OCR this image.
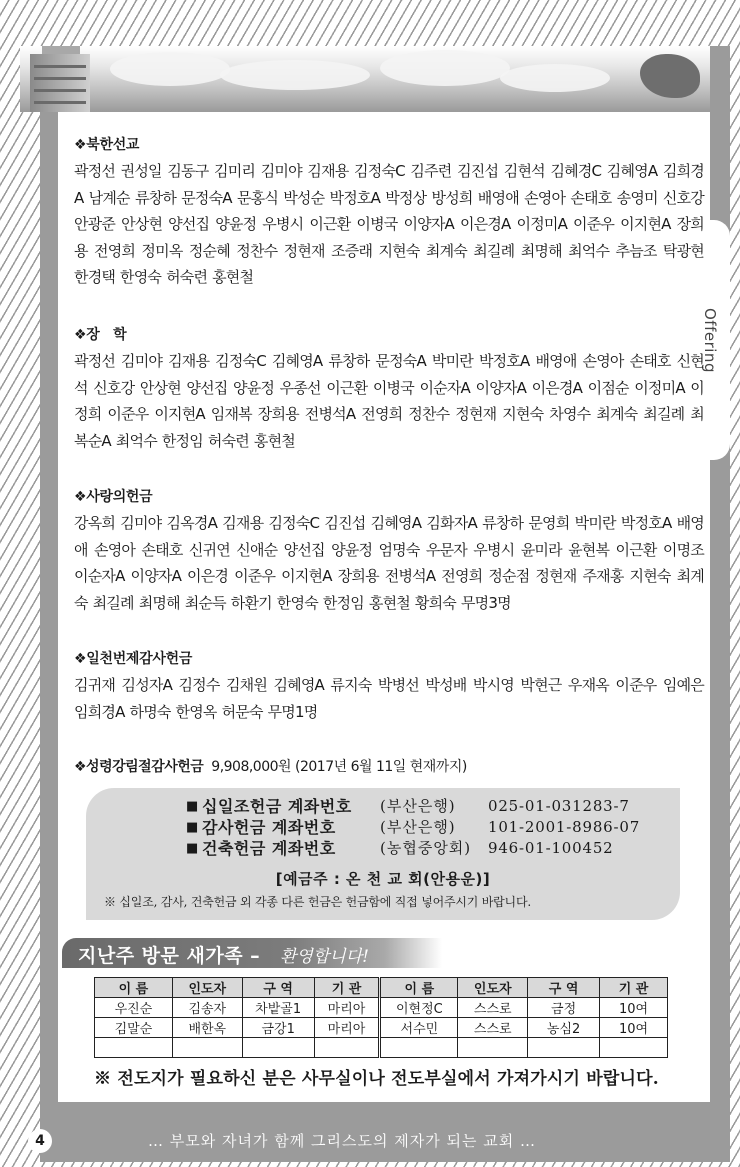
Offering
❖북한선교
곽정선 권성일 김동구 김미리 김미야 김재용 김정숙C 김주련 김진섭 김현석 김혜경C 김혜영A 김희경A 남계순 류창하 문정숙A 문홍식 박성순 박정호A 박정상 방성희 배영애 손영아 손태호 송영미 신호강 안광준 안상현 양선집 양윤정 우병시 이근환 이병국 이양자A 이은경A 이정미A 이준우 이지현A 장희용 전영희 정미옥 정순혜 정찬수 정현재 조증래 지현숙 최계숙 최길례 최명해 최억수 추늠조 탁광현 한경택 한영숙 허숙련 홍현철
❖장　학
곽정선 김미야 김재용 김정숙C 김혜영A 류창하 문정숙A 박미란 박정호A 배영애 손영아 손태호 신현석 신호강 안상현 양선집 양윤정 우종선 이근환 이병국 이순자A 이양자A 이은경A 이점순 이정미A 이정희 이준우 이지현A 임재복 장희용 전병석A 전영희 정찬수 정현재 지현숙 차영수 최계숙 최길례 최복순A 최억수 한정임 허숙련 홍현철
❖사랑의헌금
강옥희 김미야 김옥경A 김재용 김정숙C 김진섭 김혜영A 김화자A 류창하 문영희 박미란 박정호A 배영애 손영아 손태호 신귀연 신애순 양선집 양윤정 엄명숙 우문자 우병시 윤미라 윤현복 이근환 이명조 이순자A 이양자A 이은경 이준우 이지현A 장희용 전병석A 전영희 정순점 정현재 주재홍 지현숙 최계숙 최길례 최명해 최순득 하환기 한영숙 한정임 홍현철 황희숙 무명3명
❖일천번제감사헌금
김귀재 김성자A 김정수 김채원 김혜영A 류지숙 박병선 박성배 박시영 박현근 우재옥 이준우 임예은 임희경A 하명숙 한영옥 허문숙 무명1명
❖성령강림절감사헌금 9,908,000원 (2017년 6월 11일 현재까지)
■ 십일조헌금 계좌번호	(부산은행)	025-01-031283-7
■ 감사헌금 계좌번호	(부산은행)	101-2001-8986-07
■ 건축헌금 계좌번호	(농협중앙회)	946-01-100452
[예금주 : 온 천 교 회(안용운)]
※ 십일조, 감사, 건축헌금 외 각종 다른 헌금은 헌금함에 직접 넣어주시기 바랍니다.
지난주 방문 새가족 – 환영합니다!
이 름	인도자	구 역	기 관	이 름	인도자	구 역	기 관
우진순	김송자	차밭골1	마리아	이현정C	스스로	금정	10여
김말순	배한옥	금강1	마리아	서수민	스스로	농심2	10여

※ 전도지가 필요하신 분은 사무실이나 전도부실에서 가져가시기 바랍니다.
4	… 부모와 자녀가 함께 그리스도의 제자가 되는 교회 …
